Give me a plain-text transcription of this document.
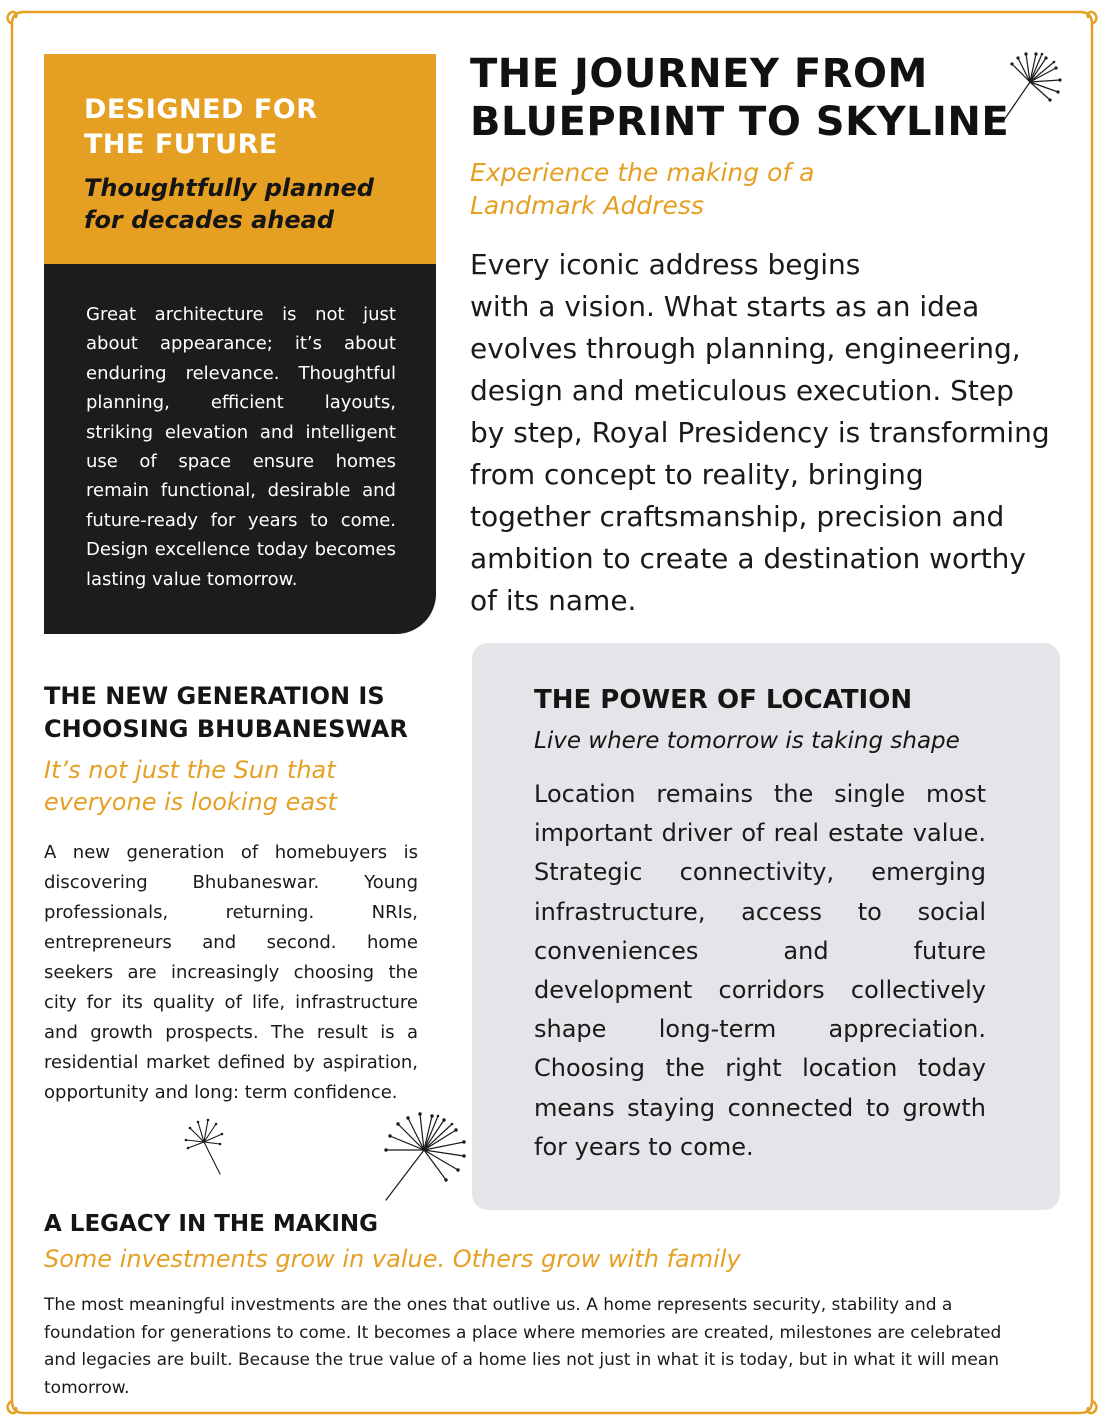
DESIGNED FOR
THE FUTURE
Thoughtfully planned
for decades ahead
Great architecture is not just about appearance; it’s about enduring relevance. Thoughtful planning, efficient layouts, striking elevation and intelligent use of space ensure homes remain functional, desirable and future-ready for years to come. Design excellence today becomes lasting value tomorrow.
THE JOURNEY FROM
BLUEPRINT TO SKYLINE
Experience the making of a
Landmark Address
Every iconic address begins
with a vision. What starts as an idea evolves through planning, engineering, design and meticulous execution. Step by step, Royal Presidency is transforming from concept to reality, bringing together craftsmanship, precision and ambition to create a destination worthy of its name.
THE NEW GENERATION IS
CHOOSING BHUBANESWAR
It’s not just the Sun that
everyone is looking east
A new generation of homebuyers is discovering Bhubaneswar. Young professionals, returning. NRIs, entrepreneurs and second. home seekers are increasingly choosing the city for its quality of life, infrastructure and growth prospects. The result is a residential market defined by aspiration, opportunity and long: term confidence.
THE POWER OF LOCATION
Live where tomorrow is taking shape
Location remains the single most important driver of real estate value. Strategic connectivity, emerging infrastructure, access to social conveniences and future development corridors collectively shape long-term appreciation. Choosing the right location today means staying connected to growth for years to come.
A LEGACY IN THE MAKING
Some investments grow in value. Others grow with family
The most meaningful investments are the ones that outlive us. A home represents security, stability and a foundation for generations to come. It becomes a place where memories are created, milestones are celebrated and legacies are built. Because the true value of a home lies not just in what it is today, but in what it will mean tomorrow.
